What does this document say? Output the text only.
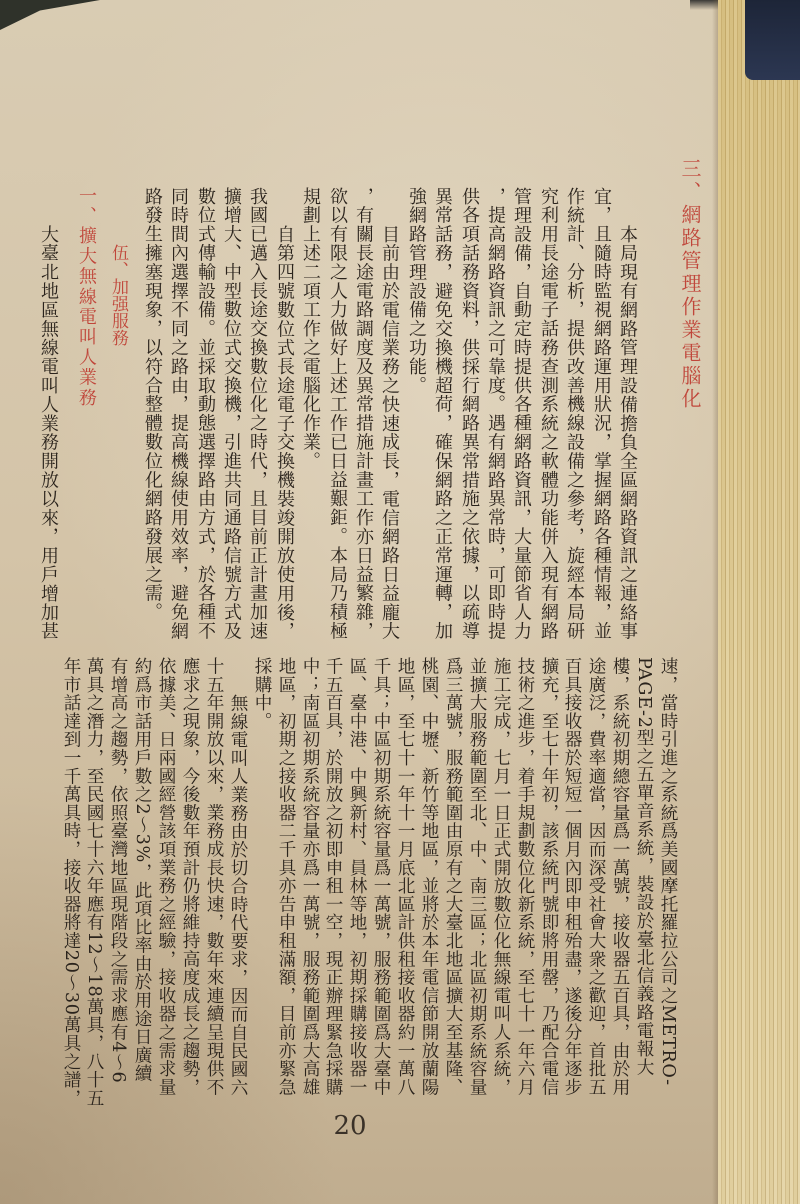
三、網路管理作業電腦化
本局現有網路管理設備擔負全區網路資訊之連絡事
宜，且隨時監視網路運用狀況，掌握網路各種情報，並
作統計、分析，提供改善機線設備之參考，旋經本局研
究利用長途電子話務查測系統之軟體功能併入現有網路
管理設備，自動定時提供各種網路資訊，大量節省人力
，提高網路資訊之可靠度。遇有網路異常時，可即時提
供各項話務資料，供採行網路異常措施之依據，以疏導
異常話務，避免交換機超荷，確保網路之正常運轉，加
強網路管理設備之功能。
目前由於電信業務之快速成長，電信網路日益龐大
，有關長途電路調度及異常措施計畫工作亦日益繁雜，
欲以有限之人力做好上述工作已日益艱鉅。本局乃積極
規劃上述二項工作之電腦化作業。
自第四號數位式長途電子交換機裝竣開放使用後，
我國已邁入長途交換數位化之時代，且目前正計畫加速
擴增大、中型數位式交換機，引進共同通路信號方式及
數位式傳輸設備。並採取動態選擇路由方式，於各種不
同時間內選擇不同之路由，提高機線使用效率，避免網
路發生擁塞現象，以符合整體數位化網路發展之需。
伍、加强服務
一、擴大無線電叫人業務
大臺北地區無線電叫人業務開放以來，用戶增加甚
速，當時引進之系統爲美國摩托羅拉公司之METRO-
PAGE-2型之五單音系統，裝設於臺北信義路電報大
樓，系統初期總容量爲一萬號，接收器五百具，由於用
途廣泛，費率適當，因而深受社會大衆之歡迎，首批五
百具接收器於短短一個月內即申租殆盡，遂後分年逐步
擴充，至七十年初，該系統門號即將用罄，乃配合電信
技術之進步，着手規劃數位化新系統，至七十一年六月
施工完成，七月一日正式開放數位化無線電叫人系統，
並擴大服務範圍至北、中、南三區；北區初期系統容量
爲三萬號，服務範圍由原有之大臺北地區擴大至基隆、
桃園、中壢、新竹等地區，並將於本年電信節開放蘭陽
地區，至七十一年十一月底北區計供租接收器約一萬八
千具；中區初期系統容量爲一萬號，服務範圍爲大臺中
區、臺中港、中興新村、員林等地，初期採購接收器一
千五百具，於開放之初即申租一空，現正辦理緊急採購
中；南區初期系統容量亦爲一萬號，服務範圍爲大高雄
地區，初期之接收器二千具亦告申租滿額，目前亦緊急
採購中。
無線電叫人業務由於切合時代要求，因而自民國六
十五年開放以來，業務成長快速，數年來連續呈現供不
應求之現象，今後數年預計仍將維持高度成長之趨勢，
依據美、日兩國經營該項業務之經驗，接收器之需求量
約爲市話用戶數之2～3%，此項比率由於用途日廣續
有增高之趨勢，依照臺灣地區現階段之需求應有4～6
萬具之潛力，至民國七十六年應有12～18萬具，八十五
年市話達到一千萬具時，接收器將達20～30萬具之譜，
20
